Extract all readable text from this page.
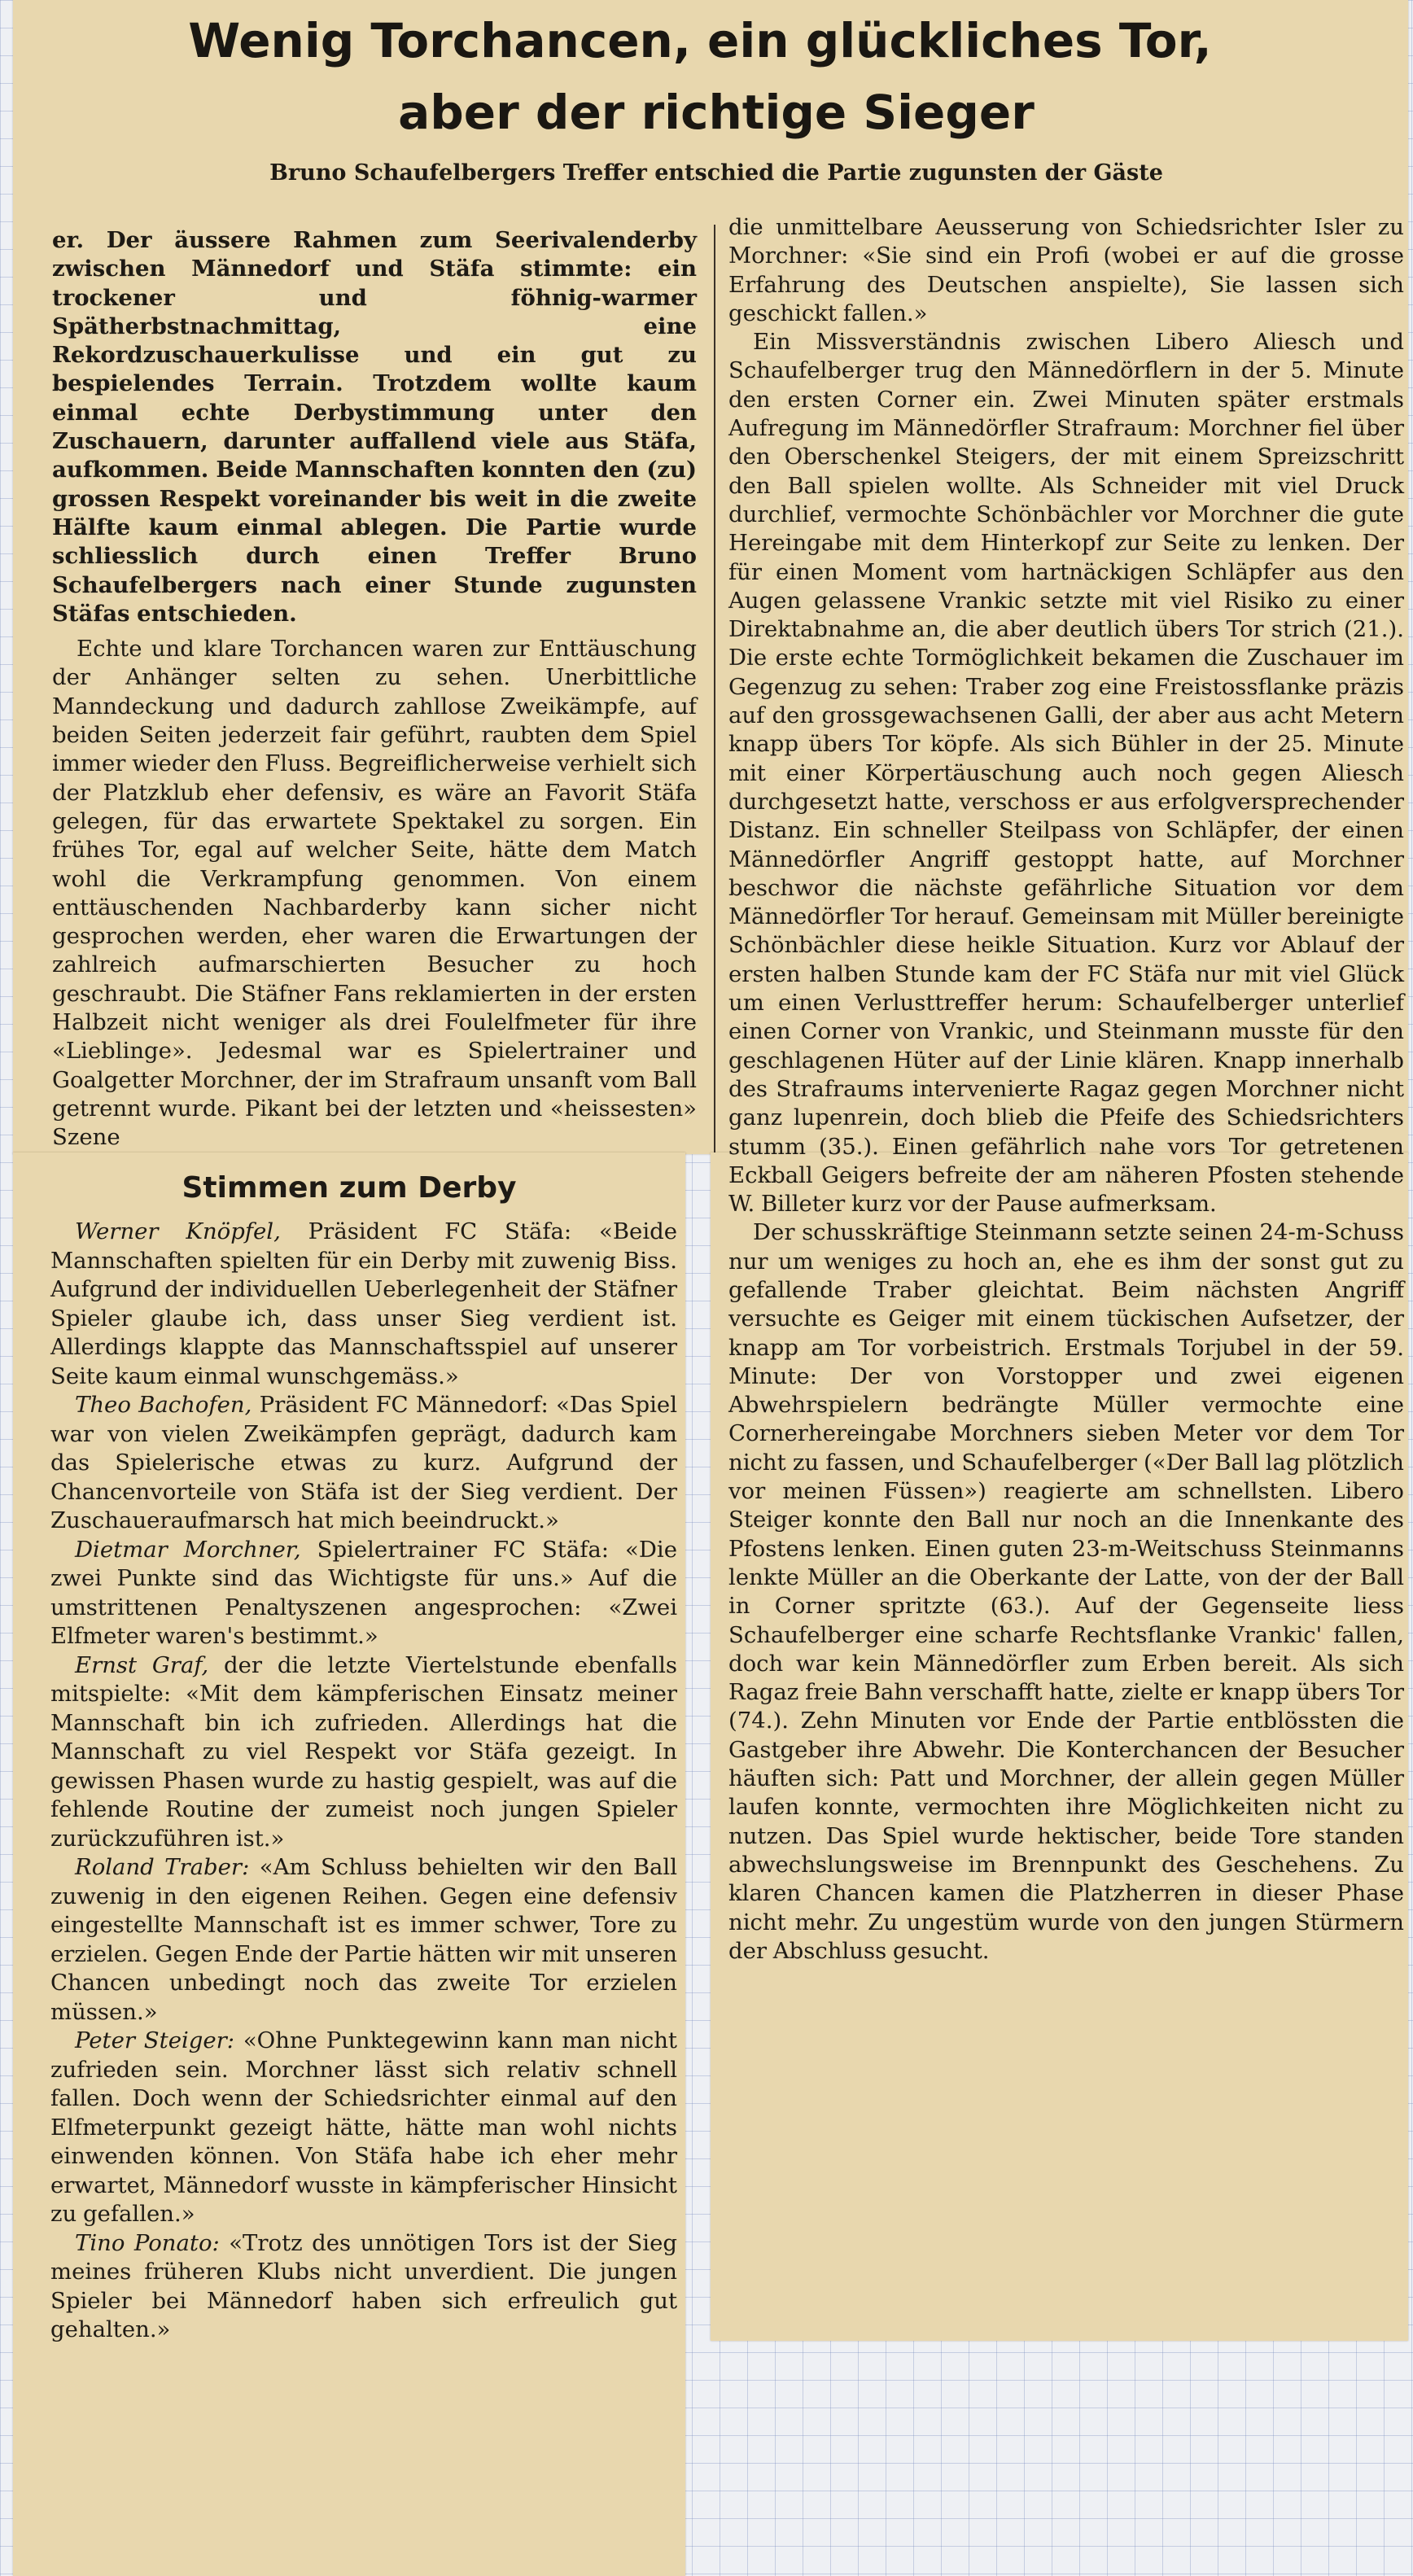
Wenig Torchancen, ein glückliches Tor,
aber der richtige Sieger
Bruno Schaufelbergers Treffer entschied die Partie zugunsten der Gäste

er. Der äussere Rahmen zum Seerivalenderby zwischen Männedorf und Stäfa stimmte: ein trockener und föhnig-warmer Spätherbstnachmittag, eine Rekordzuschauerkulisse und ein gut zu bespielendes Terrain. Trotzdem wollte kaum einmal echte Derbystimmung unter den Zuschauern, darunter auffallend viele aus Stäfa, aufkommen. Beide Mannschaften konnten den (zu) grossen Respekt voreinander bis weit in die zweite Hälfte kaum einmal ablegen. Die Partie wurde schliesslich durch einen Treffer Bruno Schaufelbergers nach einer Stunde zugunsten Stäfas entschieden.

Echte und klare Torchancen waren zur Enttäuschung der Anhänger selten zu sehen. Unerbittliche Manndeckung und dadurch zahllose Zweikämpfe, auf beiden Seiten jederzeit fair geführt, raubten dem Spiel immer wieder den Fluss. Begreiflicherweise verhielt sich der Platzklub eher defensiv, es wäre an Favorit Stäfa gelegen, für das erwartete Spektakel zu sorgen. Ein frühes Tor, egal auf welcher Seite, hätte dem Match wohl die Verkrampfung genommen. Von einem enttäuschenden Nachbarderby kann sicher nicht gesprochen werden, eher waren die Erwartungen der zahlreich aufmarschierten Besucher zu hoch geschraubt. Die Stäfner Fans reklamierten in der ersten Halbzeit nicht weniger als drei Foulelfmeter für ihre «Lieblinge». Jedesmal war es Spielertrainer und Goalgetter Morchner, der im Strafraum unsanft vom Ball getrennt wurde. Pikant bei der letzten und «heissesten» Szene

die unmittelbare Aeusserung von Schiedsrichter Isler zu Morchner: «Sie sind ein Profi (wobei er auf die grosse Erfahrung des Deutschen anspielte), Sie lassen sich geschickt fallen.»

Ein Missverständnis zwischen Libero Aliesch und Schaufelberger trug den Männedörflern in der 5. Minute den ersten Corner ein. Zwei Minuten später erstmals Aufregung im Männedörfler Strafraum: Morchner fiel über den Oberschenkel Steigers, der mit einem Spreizschritt den Ball spielen wollte. Als Schneider mit viel Druck durchlief, vermochte Schönbächler vor Morchner die gute Hereingabe mit dem Hinterkopf zur Seite zu lenken. Der für einen Moment vom hartnäckigen Schläpfer aus den Augen gelassene Vrankic setzte mit viel Risiko zu einer Direktabnahme an, die aber deutlich übers Tor strich (21.). Die erste echte Tormöglichkeit bekamen die Zuschauer im Gegenzug zu sehen: Traber zog eine Freistossflanke präzis auf den grossgewachsenen Galli, der aber aus acht Metern knapp übers Tor köpfe. Als sich Bühler in der 25. Minute mit einer Körpertäuschung auch noch gegen Aliesch durchgesetzt hatte, verschoss er aus erfolgversprechender Distanz. Ein schneller Steilpass von Schläpfer, der einen Männedörfler Angriff gestoppt hatte, auf Morchner beschwor die nächste gefährliche Situation vor dem Männedörfler Tor herauf. Gemeinsam mit Müller bereinigte Schönbächler diese heikle Situation. Kurz vor Ablauf der ersten halben Stunde kam der FC Stäfa nur mit viel Glück um einen Verlusttreffer herum: Schaufelberger unterlief einen Corner von Vrankic, und Steinmann musste für den geschlagenen Hüter auf der Linie klären. Knapp innerhalb des Strafraums intervenierte Ragaz gegen Morchner nicht ganz lupenrein, doch blieb die Pfeife des Schiedsrichters stumm (35.). Einen gefährlich nahe vors Tor getretenen Eckball Geigers befreite der am näheren Pfosten stehende W. Billeter kurz vor der Pause aufmerksam.

Der schusskräftige Steinmann setzte seinen 24-m-Schuss nur um weniges zu hoch an, ehe es ihm der sonst gut zu gefallende Traber gleichtat. Beim nächsten Angriff versuchte es Geiger mit einem tückischen Aufsetzer, der knapp am Tor vorbeistrich. Erstmals Torjubel in der 59. Minute: Der von Vorstopper und zwei eigenen Abwehrspielern bedrängte Müller vermochte eine Cornerhereingabe Morchners sieben Meter vor dem Tor nicht zu fassen, und Schaufelberger («Der Ball lag plötzlich vor meinen Füssen») reagierte am schnellsten. Libero Steiger konnte den Ball nur noch an die Innenkante des Pfostens lenken. Einen guten 23-m-Weitschuss Steinmanns lenkte Müller an die Oberkante der Latte, von der der Ball in Corner spritzte (63.). Auf der Gegenseite liess Schaufelberger eine scharfe Rechtsflanke Vrankic' fallen, doch war kein Männedörfler zum Erben bereit. Als sich Ragaz freie Bahn verschafft hatte, zielte er knapp übers Tor (74.). Zehn Minuten vor Ende der Partie entblössten die Gastgeber ihre Abwehr. Die Konterchancen der Besucher häuften sich: Patt und Morchner, der allein gegen Müller laufen konnte, vermochten ihre Möglichkeiten nicht zu nutzen. Das Spiel wurde hektischer, beide Tore standen abwechslungsweise im Brennpunkt des Geschehens. Zu klaren Chancen kamen die Platzherren in dieser Phase nicht mehr. Zu ungestüm wurde von den jungen Stürmern der Abschluss gesucht.

Stimmen zum Derby

Werner Knöpfel, Präsident FC Stäfa: «Beide Mannschaften spielten für ein Derby mit zuwenig Biss. Aufgrund der individuellen Ueberlegenheit der Stäfner Spieler glaube ich, dass unser Sieg verdient ist. Allerdings klappte das Mannschaftsspiel auf unserer Seite kaum einmal wunschgemäss.»

Theo Bachofen, Präsident FC Männedorf: «Das Spiel war von vielen Zweikämpfen geprägt, dadurch kam das Spielerische etwas zu kurz. Aufgrund der Chancenvorteile von Stäfa ist der Sieg verdient. Der Zuschaueraufmarsch hat mich beeindruckt.»

Dietmar Morchner, Spielertrainer FC Stäfa: «Die zwei Punkte sind das Wichtigste für uns.» Auf die umstrittenen Penaltyszenen angesprochen: «Zwei Elfmeter waren's bestimmt.»

Ernst Graf, der die letzte Viertelstunde ebenfalls mitspielte: «Mit dem kämpferischen Einsatz meiner Mannschaft bin ich zufrieden. Allerdings hat die Mannschaft zu viel Respekt vor Stäfa gezeigt. In gewissen Phasen wurde zu hastig gespielt, was auf die fehlende Routine der zumeist noch jungen Spieler zurückzuführen ist.»

Roland Traber: «Am Schluss behielten wir den Ball zuwenig in den eigenen Reihen. Gegen eine defensiv eingestellte Mannschaft ist es immer schwer, Tore zu erzielen. Gegen Ende der Partie hätten wir mit unseren Chancen unbedingt noch das zweite Tor erzielen müssen.»

Peter Steiger: «Ohne Punktegewinn kann man nicht zufrieden sein. Morchner lässt sich relativ schnell fallen. Doch wenn der Schiedsrichter einmal auf den Elfmeterpunkt gezeigt hätte, hätte man wohl nichts einwenden können. Von Stäfa habe ich eher mehr erwartet, Männedorf wusste in kämpferischer Hinsicht zu gefallen.»

Tino Ponato: «Trotz des unnötigen Tors ist der Sieg meines früheren Klubs nicht unverdient. Die jungen Spieler bei Männedorf haben sich erfreulich gut gehalten.»
